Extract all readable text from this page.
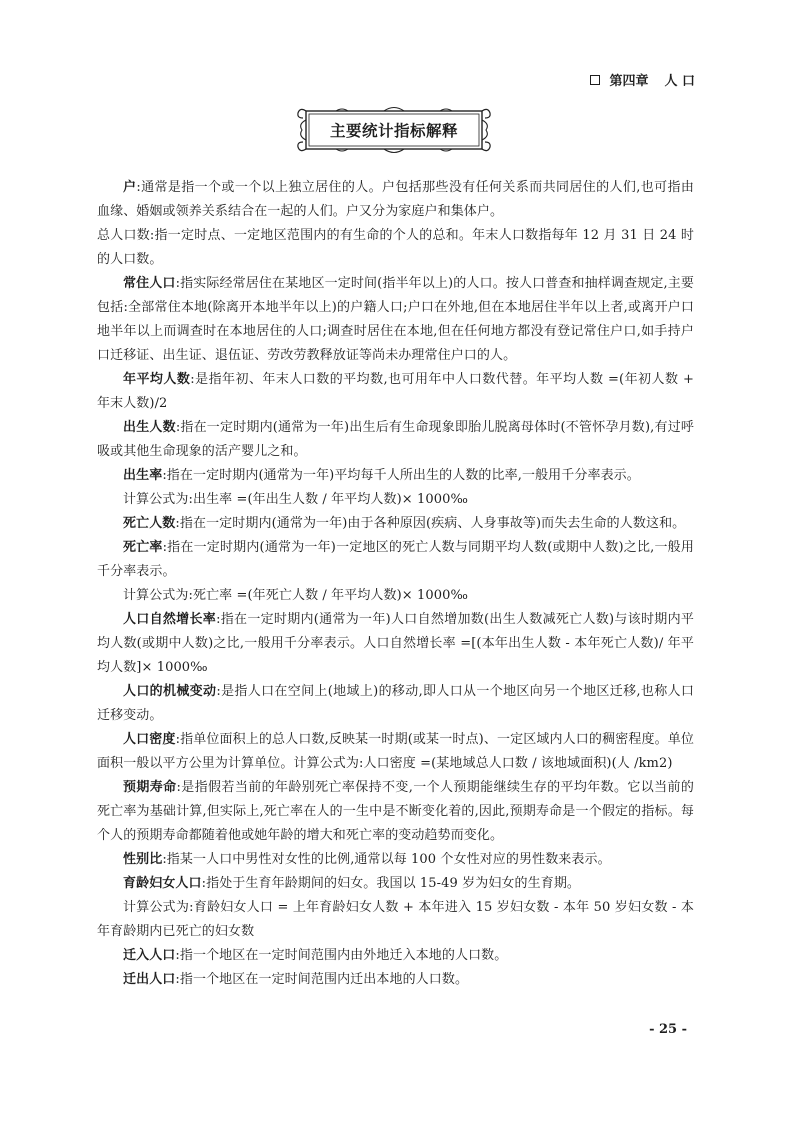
第四章 人 口
主要统计指标解释

户:通常是指一个或一个以上独立居住的人。户包括那些没有任何关系而共同居住的人们,也可指由血缘、婚姻或领养关系结合在一起的人们。户又分为家庭户和集体户。

总人口数:指一定时点、一定地区范围内的有生命的个人的总和。年末人口数指每年 12 月 31 日 24 时的人口数。

常住人口:指实际经常居住在某地区一定时间(指半年以上)的人口。按人口普查和抽样调查规定,主要包括:全部常住本地(除离开本地半年以上)的户籍人口;户口在外地,但在本地居住半年以上者,或离开户口地半年以上而调查时在本地居住的人口;调查时居住在本地,但在任何地方都没有登记常住户口,如手持户口迁移证、出生证、退伍证、劳改劳教释放证等尚未办理常住户口的人。

年平均人数:是指年初、年末人口数的平均数,也可用年中人口数代替。年平均人数 =(年初人数 + 年末人数)/2

出生人数:指在一定时期内(通常为一年)出生后有生命现象即胎儿脱离母体时(不管怀孕月数),有过呼吸或其他生命现象的活产婴儿之和。

出生率:指在一定时期内(通常为一年)平均每千人所出生的人数的比率,一般用千分率表示。

计算公式为:出生率 =(年出生人数 / 年平均人数)× 1000‰

死亡人数:指在一定时期内(通常为一年)由于各种原因(疾病、人身事故等)而失去生命的人数这和。

死亡率:指在一定时期内(通常为一年)一定地区的死亡人数与同期平均人数(或期中人数)之比,一般用千分率表示。

计算公式为:死亡率 =(年死亡人数 / 年平均人数)× 1000‰

人口自然增长率:指在一定时期内(通常为一年)人口自然增加数(出生人数减死亡人数)与该时期内平均人数(或期中人数)之比,一般用千分率表示。人口自然增长率 =[(本年出生人数 - 本年死亡人数)/ 年平均人数]× 1000‰

人口的机械变动:是指人口在空间上(地域上)的移动,即人口从一个地区向另一个地区迁移,也称人口迁移变动。

人口密度:指单位面积上的总人口数,反映某一时期(或某一时点)、一定区域内人口的稠密程度。单位面积一般以平方公里为计算单位。计算公式为:人口密度 =(某地域总人口数 / 该地域面积)(人 /km2)

预期寿命:是指假若当前的年龄别死亡率保持不变,一个人预期能继续生存的平均年数。它以当前的死亡率为基础计算,但实际上,死亡率在人的一生中是不断变化着的,因此,预期寿命是一个假定的指标。每个人的预期寿命都随着他或她年龄的增大和死亡率的变动趋势而变化。

性别比:指某一人口中男性对女性的比例,通常以每 100 个女性对应的男性数来表示。

育龄妇女人口:指处于生育年龄期间的妇女。我国以 15-49 岁为妇女的生育期。

计算公式为:育龄妇女人口 = 上年育龄妇女人数 + 本年进入 15 岁妇女数 - 本年 50 岁妇女数 - 本年育龄期内已死亡的妇女数

迁入人口:指一个地区在一定时间范围内由外地迁入本地的人口数。

迁出人口:指一个地区在一定时间范围内迁出本地的人口数。

- 25 -
